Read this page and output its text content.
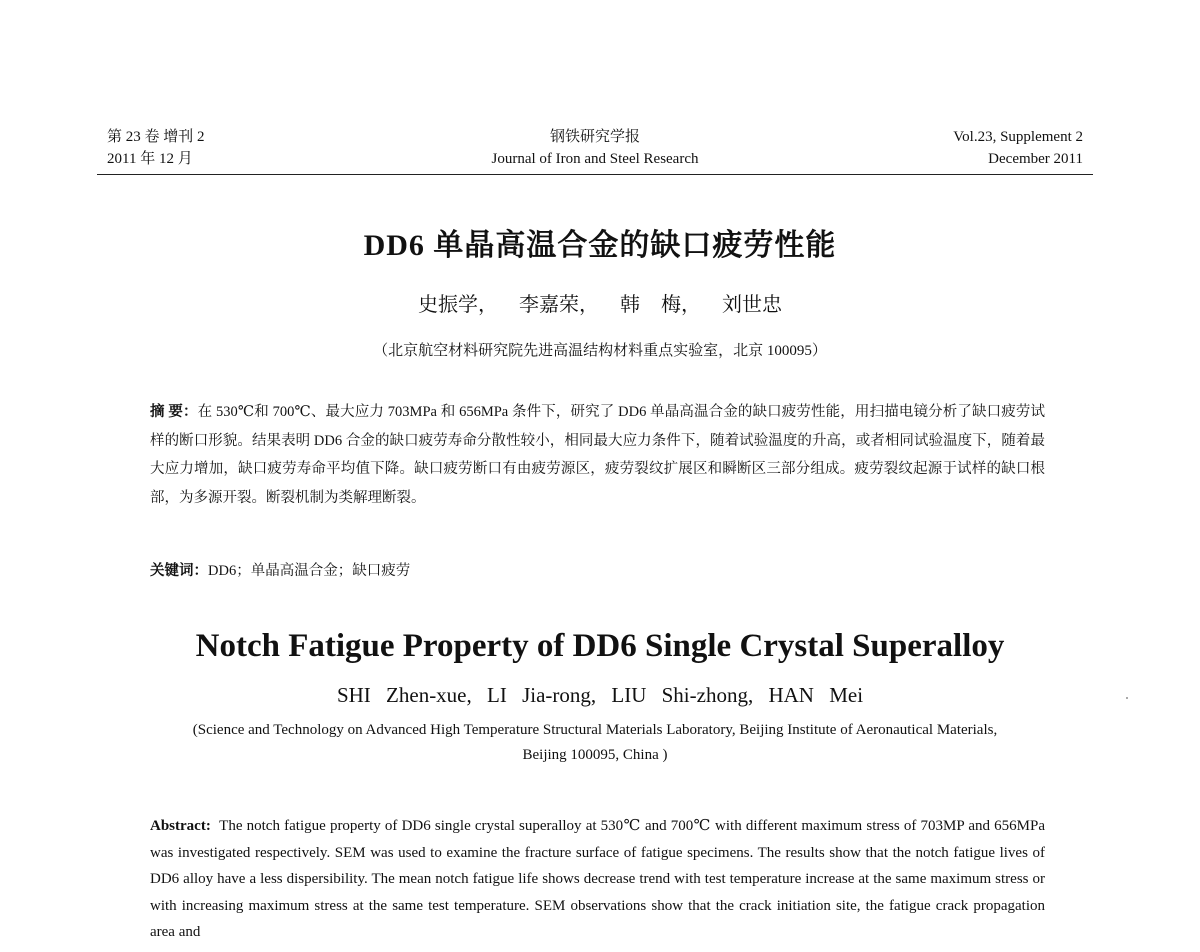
第 23 卷 增刊 2
2011 年 12 月
钢铁研究学报
Journal of Iron and Steel Research
Vol.23, Supplement 2
December 2011
DD6 单晶高温合金的缺口疲劳性能
史振学， 李嘉荣， 韩 梅， 刘世忠
（北京航空材料研究院先进高温结构材料重点实验室，北京 100095）
摘 要：在 530℃和 700℃、最大应力 703MPa 和 656MPa 条件下，研究了 DD6 单晶高温合金的缺口疲劳性能，用扫描电镜分析了缺口疲劳试样的断口形貌。结果表明 DD6 合金的缺口疲劳寿命分散性较小，相同最大应力条件下，随着试验温度的升高，或者相同试验温度下，随着最大应力增加，缺口疲劳寿命平均值下降。缺口疲劳断口有由疲劳源区，疲劳裂纹扩展区和瞬断区三部分组成。疲劳裂纹起源于试样的缺口根部，为多源开裂。断裂机制为类解理断裂。
关键词：DD6；单晶高温合金；缺口疲劳
Notch Fatigue Property of DD6 Single Crystal Superalloy
SHI Zhen-xue, LI Jia-rong, LIU Shi-zhong, HAN Mei
(Science and Technology on Advanced High Temperature Structural Materials Laboratory, Beijing Institute of Aeronautical Materials, Beijing 100095, China )
Abstract: The notch fatigue property of DD6 single crystal superalloy at 530℃ and 700℃ with different maximum stress of 703MP and 656MPa was investigated respectively. SEM was used to examine the fracture surface of fatigue specimens. The results show that the notch fatigue lives of DD6 alloy have a less dispersibility. The mean notch fatigue life shows decrease trend with test temperature increase at the same maximum stress or with increasing maximum stress at the same test temperature. SEM observations show that the crack initiation site, the fatigue crack propagation area and
